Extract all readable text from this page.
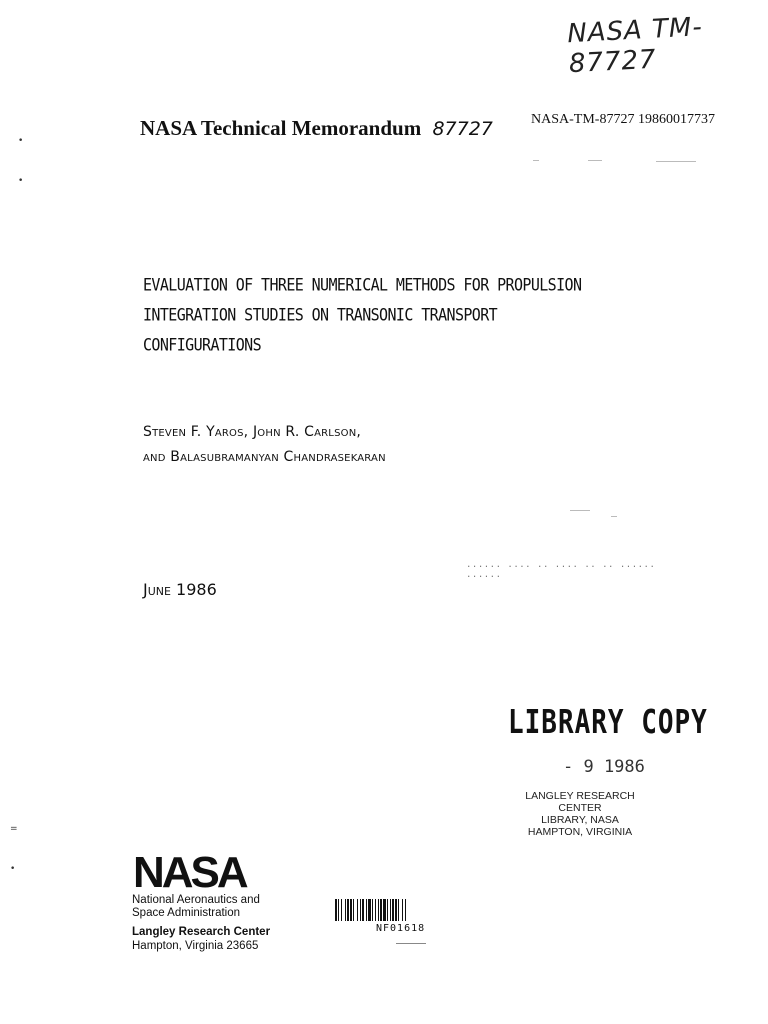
NASA TM-87727
NASA Technical Memorandum 87727	NASA-TM-87727 19860017737
•
•
=
•
EVALUATION OF THREE NUMERICAL METHODS FOR PROPULSION
INTEGRATION STUDIES ON TRANSONIC TRANSPORT
CONFIGURATIONS
Steven F. Yaros, John R. Carlson,
and Balasubramanyan Chandrasekaran
June 1986
...... .... .. .... .. .. ...... ......
LIBRARY COPY
- 9 1986
LANGLEY RESEARCH CENTER
LIBRARY, NASA
HAMPTON, VIRGINIA
NASA
National Aeronautics and
Space Administration
Langley Research Center
Hampton, Virginia 23665
NF01618
